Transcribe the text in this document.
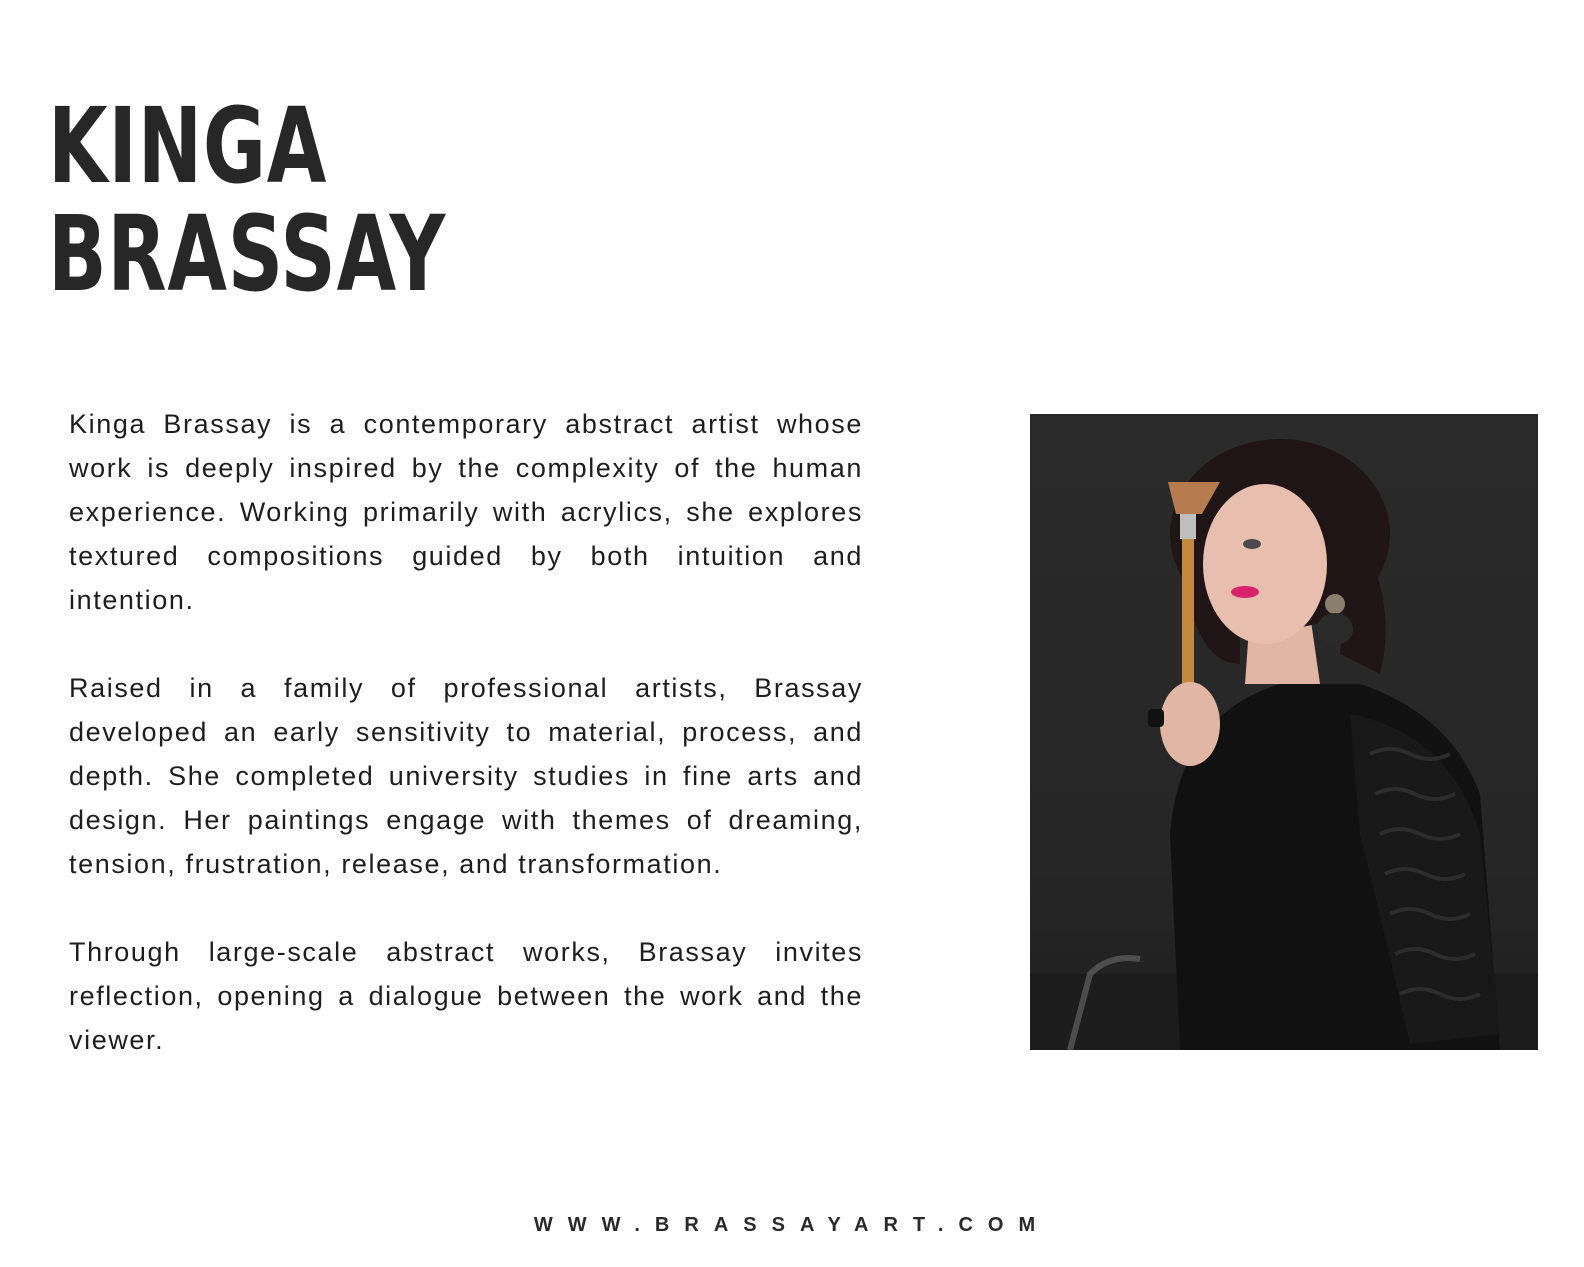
KINGA
BRASSAY

Kinga Brassay is a contemporary abstract artist whose work is deeply inspired by the complexity of the human experience. Working primarily with acrylics, she explores textured compositions guided by both intuition and intention.

Raised in a family of professional artists, Brassay developed an early sensitivity to material, process, and depth. She completed university studies in fine arts and design. Her paintings engage with themes of dreaming, tension, frustration, release, and transformation.

Through large-scale abstract works, Brassay invites reflection, opening a dialogue between the work and the viewer.

WWW.BRASSAYART.COM
